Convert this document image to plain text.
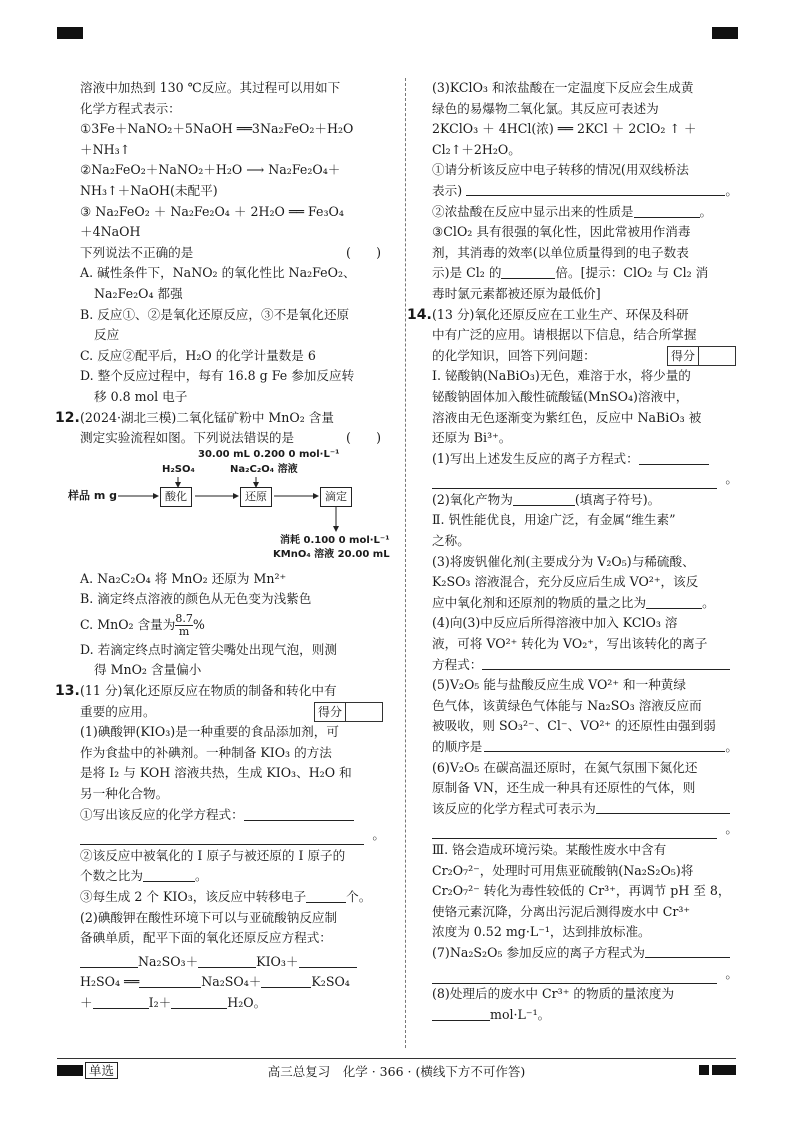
溶液中加热到 130 ℃反应。其过程可以用如下

化学方程式表示：

①3Fe＋NaNO₂＋5NaOH ══3Na₂FeO₂＋H₂O

＋NH₃↑

②Na₂FeO₂＋NaNO₂＋H₂O ⟶ Na₂Fe₂O₄＋

NH₃↑＋NaOH(未配平)

③ Na₂FeO₂ ＋ Na₂Fe₂O₄ ＋ 2H₂O ══ Fe₃O₄

＋4NaOH

下列说法不正确的是	(　　)

A. 碱性条件下，NaNO₂ 的氧化性比 Na₂FeO₂、

Na₂Fe₂O₄ 都强

B. 反应①、②是氧化还原反应，③不是氧化还原

反应

C. 反应②配平后，H₂O 的化学计量数是 6

D. 整个反应过程中，每有 16.8 g Fe 参加反应转

移 0.8 mol 电子

12. (2024·湖北三模)二氧化锰矿粉中 MnO₂ 含量

测定实验流程如图。下列说法错误的是	(　　)
30.00 mL 0.200 0 mol·L⁻¹
H₂SO₄	Na₂C₂O₄ 溶液
样品 m g	酸化	还原	滴定
消耗 0.100 0 mol·L⁻¹
KMnO₄ 溶液 20.00 mL

A. Na₂C₂O₄ 将 MnO₂ 还原为 Mn²⁺

B. 滴定终点溶液的颜色从无色变为浅紫色

C. MnO₂ 含量为 $\frac{8.7}{m}$ %

D. 若滴定终点时滴定管尖嘴处出现气泡，则测

得 MnO₂ 含量偏小

13. (11 分)氧化还原反应在物质的制备和转化中有

重要的应用。	得分

(1)碘酸钾(KIO₃)是一种重要的食品添加剂，可

作为食盐中的补碘剂。一种制备 KIO₃ 的方法

是将 I₂ 与 KOH 溶液共热，生成 KIO₃、H₂O 和

另一种化合物。

①写出该反应的化学方程式：

。

②该反应中被氧化的 I 原子与被还原的 I 原子的

个数之比为	。

③每生成 2 个 KIO₃，该反应中转移电子	个。

(2)碘酸钾在酸性环境下可以与亚硫酸钠反应制

备碘单质，配平下面的氧化还原反应方程式：

Na₂SO₃＋	KIO₃＋

H₂SO₄ ══	Na₂SO₄＋	K₂SO₄

＋	I₂＋	H₂O。

(3)KClO₃ 和浓盐酸在一定温度下反应会生成黄

绿色的易爆物二氧化氯。其反应可表述为

2KClO₃ ＋ 4HCl(浓) ══ 2KCl ＋ 2ClO₂ ↑ ＋

Cl₂↑＋2H₂O。

①请分析该反应中电子转移的情况(用双线桥法

表示)	。

②浓盐酸在反应中显示出来的性质是	。

③ClO₂ 具有很强的氧化性，因此常被用作消毒

剂，其消毒的效率(以单位质量得到的电子数表

示)是 Cl₂ 的	倍。[提示：ClO₂ 与 Cl₂ 消

毒时氯元素都被还原为最低价]

14. (13 分)氧化还原反应在工业生产、环保及科研

中有广泛的应用。请根据以下信息，结合所掌握

的化学知识，回答下列问题：	得分

Ⅰ. 铋酸钠(NaBiO₃)无色，难溶于水，将少量的

铋酸钠固体加入酸性硫酸锰(MnSO₄)溶液中，

溶液由无色逐渐变为紫红色，反应中 NaBiO₃ 被

还原为 Bi³⁺。

(1)写出上述发生反应的离子方程式：

。

(2)氧化产物为	(填离子符号)。

Ⅱ. 钒性能优良，用途广泛，有金属“维生素”

之称。

(3)将废钒催化剂(主要成分为 V₂O₅)与稀硫酸、

K₂SO₃ 溶液混合，充分反应后生成 VO²⁺，该反

应中氧化剂和还原剂的物质的量之比为	。

(4)向(3)中反应后所得溶液中加入 KClO₃ 溶

液，可将 VO²⁺ 转化为 VO₂⁺，写出该转化的离子

方程式：

(5)V₂O₅ 能与盐酸反应生成 VO²⁺ 和一种黄绿

色气体，该黄绿色气体能与 Na₂SO₃ 溶液反应而

被吸收，则 SO₃²⁻、Cl⁻、VO²⁺ 的还原性由强到弱

的顺序是	。

(6)V₂O₅ 在碳高温还原时，在氮气氛围下氮化还

原制备 VN，还生成一种具有还原性的气体，则

该反应的化学方程式可表示为

。

Ⅲ. 铬会造成环境污染。某酸性废水中含有

Cr₂O₇²⁻，处理时可用焦亚硫酸钠(Na₂S₂O₅)将

Cr₂O₇²⁻ 转化为毒性较低的 Cr³⁺，再调节 pH 至 8，

使铬元素沉降，分离出污泥后测得废水中 Cr³⁺

浓度为 0.52 mg·L⁻¹，达到排放标准。

(7)Na₂S₂O₅ 参加反应的离子方程式为

。

(8)处理后的废水中 Cr³⁺ 的物质的量浓度为

mol·L⁻¹。

单选	高三总复习　化学 · 366 · (横线下方不可作答)
